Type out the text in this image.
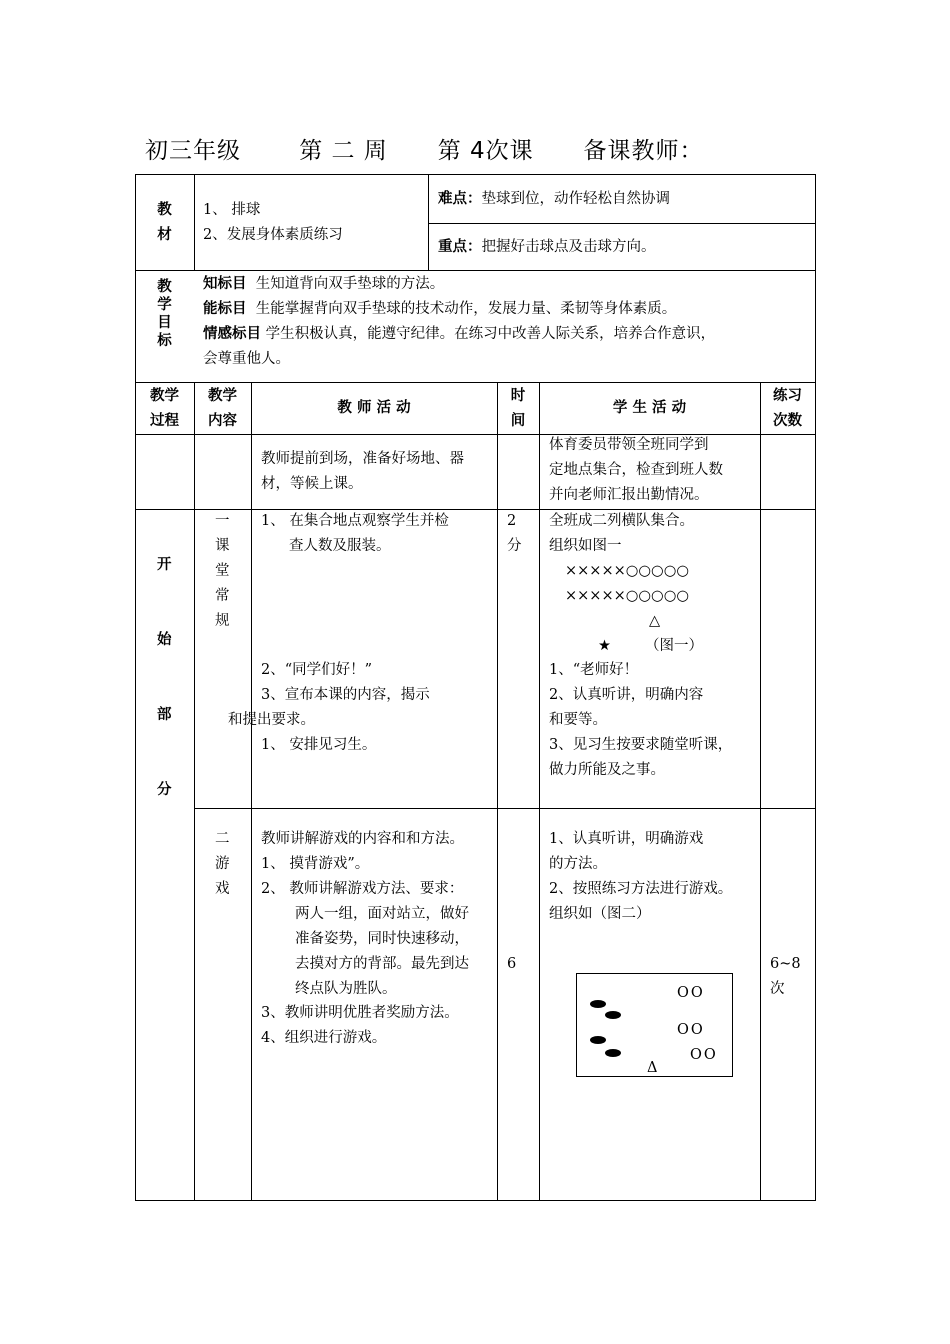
初三年级	第 二 周 第 4次课 备课教师：
教
材
1、 排球
2、发展身体素质练习
难点：垫球到位，动作轻松自然协调
重点：把握好击球点及击球方向。
教
学
目
标
知标目 生知道背向双手垫球的方法。
能标目 生能掌握背向双手垫球的技术动作，发展力量、柔韧等身体素质。
情感标目 学生积极认真，能遵守纪律。在练习中改善人际关系，培养合作意识，
会尊重他人。
教学
过程
教学
内容
教 师 活 动
时
间
学 生 活 动
练习
次数
教师提前到场，准备好场地、器
材，等候上课。
体育委员带领全班同学到
定地点集合，检查到班人数
并向老师汇报出勤情况。
开
始
部
分
一
课
堂
常
规
1、 在集合地点观察学生并检
查人数及服装。
2、“同学们好！”
3、宣布本课的内容，揭示
和提出要求。
1、 安排见习生。
2
分
全班成二列横队集合。
组织如图一
×××××○○○○○
×××××○○○○○
△
★ （图一）
1、“老师好！
2、认真听讲，明确内容
和要等。
3、见习生按要求随堂听课，
做力所能及之事。
二
游
戏
教师讲解游戏的内容和和方法。
1、 摸背游戏”。
2、 教师讲解游戏方法、要求：
两人一组，面对站立，做好
准备姿势，同时快速移动，
去摸对方的背部。最先到达
终点队为胜队。
3、教师讲明优胜者奖励方法。
4、组织进行游戏。
6
1、认真听讲，明确游戏
的方法。
2、按照练习方法进行游戏。
组织如（图二）
6~8
次
OO
OO
OO
Δ
